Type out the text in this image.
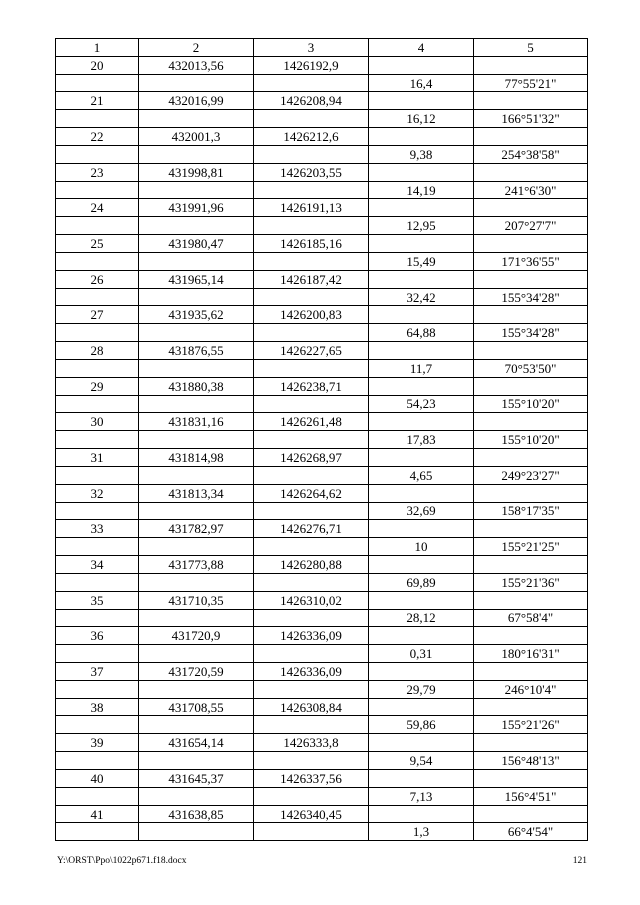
1	2	3	4	5
20	432013,56	1426192,9		
			16,4	77°55'21"
21	432016,99	1426208,94		
			16,12	166°51'32"
22	432001,3	1426212,6		
			9,38	254°38'58"
23	431998,81	1426203,55		
			14,19	241°6'30"
24	431991,96	1426191,13		
			12,95	207°27'7"
25	431980,47	1426185,16		
			15,49	171°36'55"
26	431965,14	1426187,42		
			32,42	155°34'28"
27	431935,62	1426200,83		
			64,88	155°34'28"
28	431876,55	1426227,65		
			11,7	70°53'50"
29	431880,38	1426238,71		
			54,23	155°10'20"
30	431831,16	1426261,48		
			17,83	155°10'20"
31	431814,98	1426268,97		
			4,65	249°23'27"
32	431813,34	1426264,62		
			32,69	158°17'35"
33	431782,97	1426276,71		
			10	155°21'25"
34	431773,88	1426280,88		
			69,89	155°21'36"
35	431710,35	1426310,02		
			28,12	67°58'4"
36	431720,9	1426336,09		
			0,31	180°16'31"
37	431720,59	1426336,09		
			29,79	246°10'4"
38	431708,55	1426308,84		
			59,86	155°21'26"
39	431654,14	1426333,8		
			9,54	156°48'13"
40	431645,37	1426337,56		
			7,13	156°4'51"
41	431638,85	1426340,45		
			1,3	66°4'54"
Y:\ORST\Ppo\1022p671.f18.docx	121
